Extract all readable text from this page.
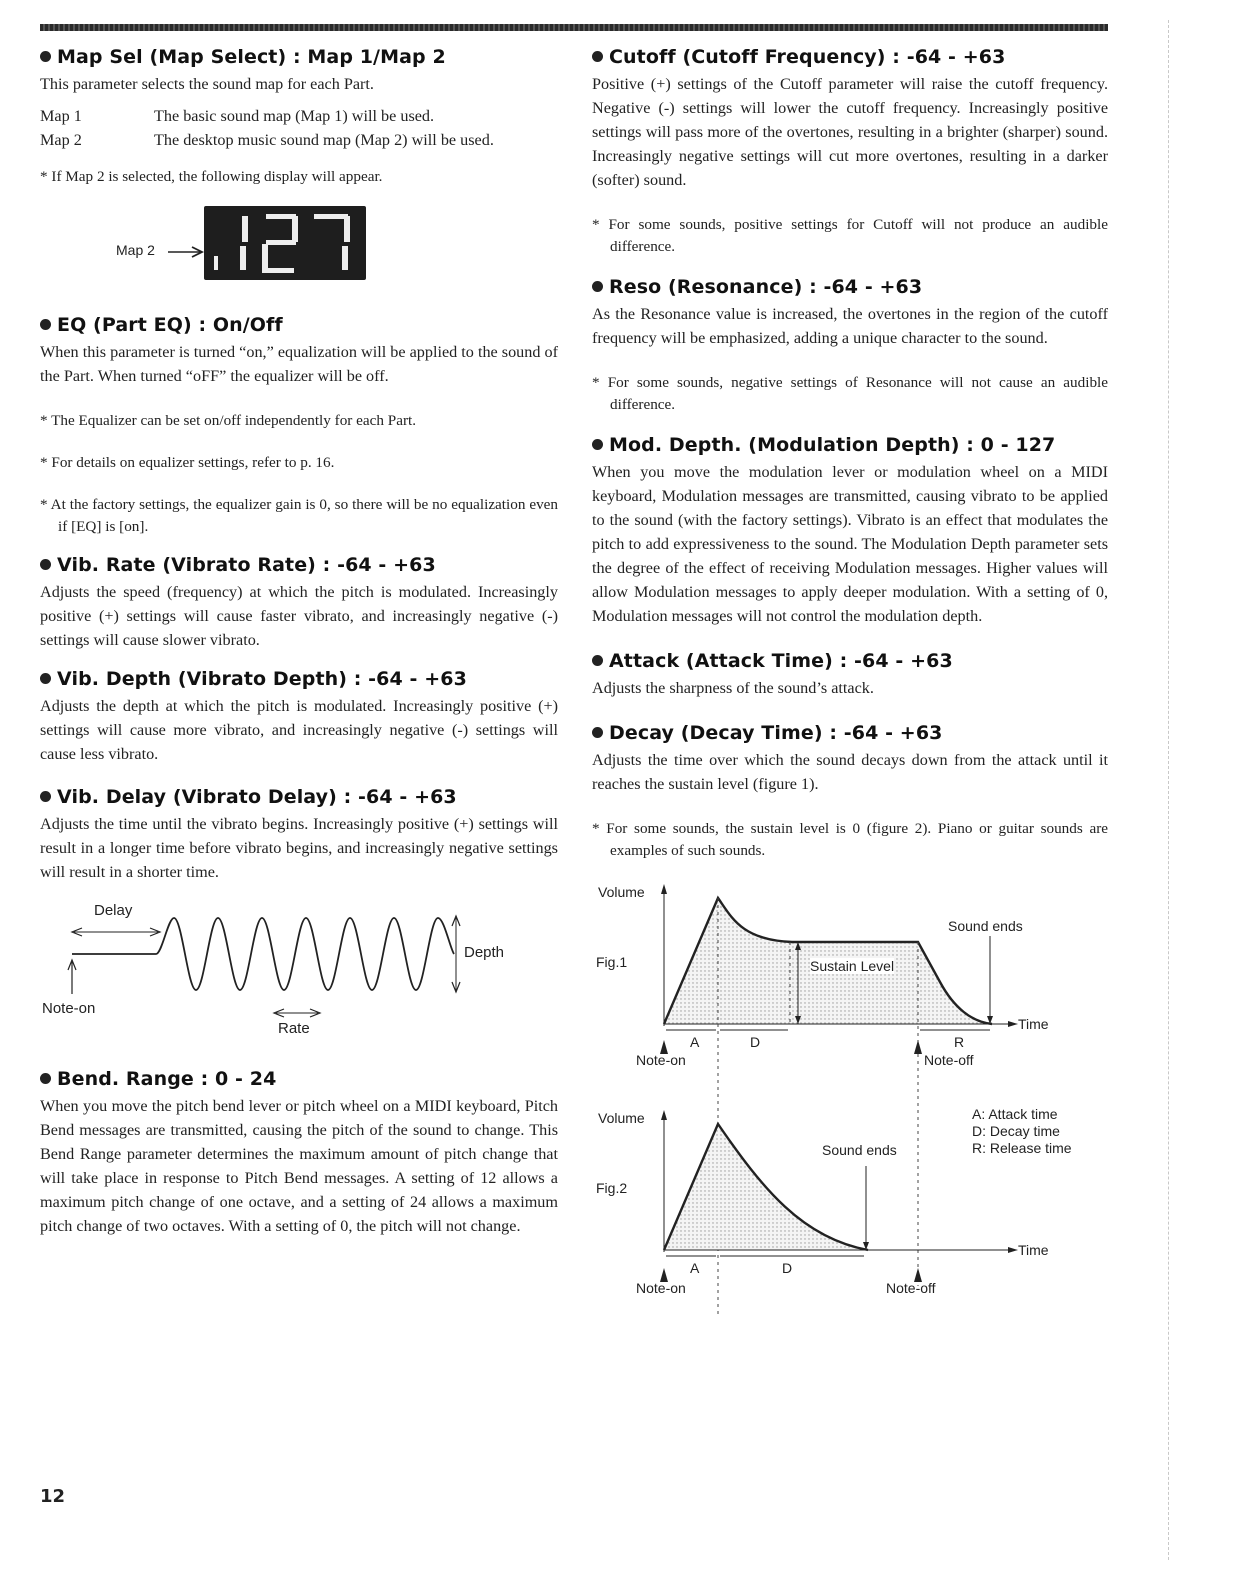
Map Sel (Map Select) : Map 1/Map 2

This parameter selects the sound map for each Part.

Map 1	The basic sound map (Map 1) will be used.
Map 2	The desktop music sound map (Map 2) will be used.

* If Map 2 is selected, the following display will appear.

Map 2
EQ (Part EQ) : On/Off

When this parameter is turned “on,” equalization will be applied to the sound of the Part. When turned “oFF” the equalizer will be off.

* The Equalizer can be set on/off independently for each Part.

* For details on equalizer settings, refer to p. 16.

* At the factory settings, the equalizer gain is 0, so there will be no equalization even if [EQ] is [on].

Vib. Rate (Vibrato Rate) : -64 - +63

Adjusts the speed (frequency) at which the pitch is modulated. Increasingly positive (+) settings will cause faster vibrato, and increasingly negative (-) settings will cause slower vibrato.

Vib. Depth (Vibrato Depth) : -64 - +63

Adjusts the depth at which the pitch is modulated. Increasingly positive (+) settings will cause more vibrato, and increasingly negative (-) settings will cause less vibrato.

Vib. Delay (Vibrato Delay) : -64 - +63

Adjusts the time until the vibrato begins. Increasingly positive (+) settings will result in a longer time before vibrato begins, and increasingly negative settings will result in a shorter time.

Delay
Depth
Note-on
Rate
Bend. Range : 0 - 24

When you move the pitch bend lever or pitch wheel on a MIDI keyboard, Pitch Bend messages are transmitted, causing the pitch of the sound to change. This Bend Range parameter determines the maximum amount of pitch change that will take place in response to Pitch Bend messages. A setting of 12 allows a maximum pitch change of one octave, and a setting of 24 allows a maximum pitch change of two octaves. With a setting of 0, the pitch will not change.

Cutoff (Cutoff Frequency) : -64 - +63

Positive (+) settings of the Cutoff parameter will raise the cutoff frequency. Negative (-) settings will lower the cutoff frequency. Increasingly positive settings will pass more of the overtones, resulting in a brighter (sharper) sound. Increasingly negative settings will cut more overtones, resulting in a darker (softer) sound.

* For some sounds, positive settings for Cutoff will not produce an audible difference.

Reso (Resonance) : -64 - +63

As the Resonance value is increased, the overtones in the region of the cutoff frequency will be emphasized, adding a unique character to the sound.

* For some sounds, negative settings of Resonance will not cause an audible difference.

Mod. Depth. (Modulation Depth) : 0 - 127

When you move the modulation lever or modulation wheel on a MIDI keyboard, Modulation messages are transmitted, causing vibrato to be applied to the sound (with the factory settings). Vibrato is an effect that modulates the pitch to add expressiveness to the sound. The Modulation Depth parameter sets the degree of the effect of receiving Modulation messages. Higher values will allow Modulation messages to apply deeper modulation. With a setting of 0, Modulation messages will not control the modulation depth.

Attack (Attack Time) : -64 - +63

Adjusts the sharpness of the sound’s attack.

Decay (Decay Time) : -64 - +63

Adjusts the time over which the sound decays down from the attack until it reaches the sustain level (figure 1).

* For some sounds, the sustain level is 0 (figure 2). Piano or guitar sounds are examples of such sounds.

Volume
Fig.1
Sound ends
Sustain Level
Time
A	D	R
Note-on	Note-off
Volume
Fig.2
Sound ends
Time
A	D
Note-on	Note-off
A: Attack time
D: Decay time
R: Release time
12
